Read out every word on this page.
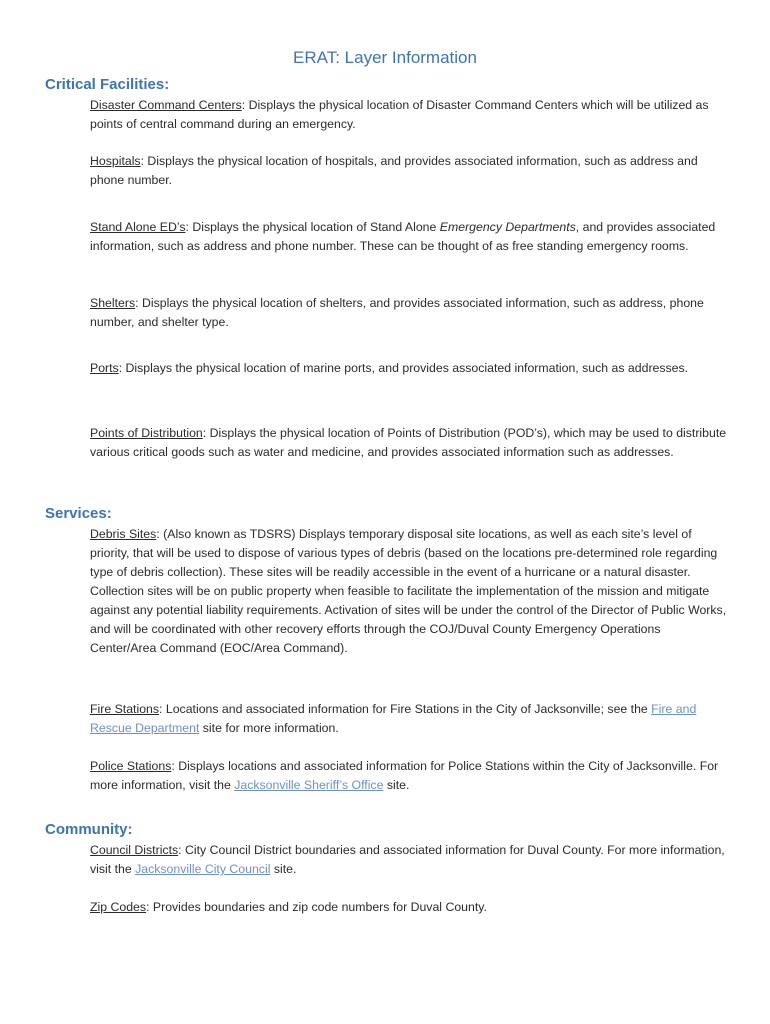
ERAT: Layer Information
Critical Facilities:
Disaster Command Centers: Displays the physical location of Disaster Command Centers which will be utilized as points of central command during an emergency.
Hospitals: Displays the physical location of hospitals, and provides associated information, such as address and phone number.
Stand Alone ED’s: Displays the physical location of Stand Alone Emergency Departments, and provides associated information, such as address and phone number. These can be thought of as free standing emergency rooms.
Shelters: Displays the physical location of shelters, and provides associated information, such as address, phone number, and shelter type.
Ports: Displays the physical location of marine ports, and provides associated information, such as addresses.
Points of Distribution: Displays the physical location of Points of Distribution (POD’s), which may be used to distribute various critical goods such as water and medicine, and provides associated information such as addresses.
Services:
Debris Sites: (Also known as TDSRS) Displays temporary disposal site locations, as well as each site’s level of priority, that will be used to dispose of various types of debris (based on the locations pre-determined role regarding type of debris collection). These sites will be readily accessible in the event of a hurricane or a natural disaster. Collection sites will be on public property when feasible to facilitate the implementation of the mission and mitigate against any potential liability requirements. Activation of sites will be under the control of the Director of Public Works, and will be coordinated with other recovery efforts through the COJ/Duval County Emergency Operations Center/Area Command (EOC/Area Command).
Fire Stations: Locations and associated information for Fire Stations in the City of Jacksonville; see the Fire and Rescue Department site for more information.
Police Stations: Displays locations and associated information for Police Stations within the City of Jacksonville. For more information, visit the Jacksonville Sheriff’s Office site.
Community:
Council Districts: City Council District boundaries and associated information for Duval County. For more information, visit the Jacksonville City Council site.
Zip Codes: Provides boundaries and zip code numbers for Duval County.
